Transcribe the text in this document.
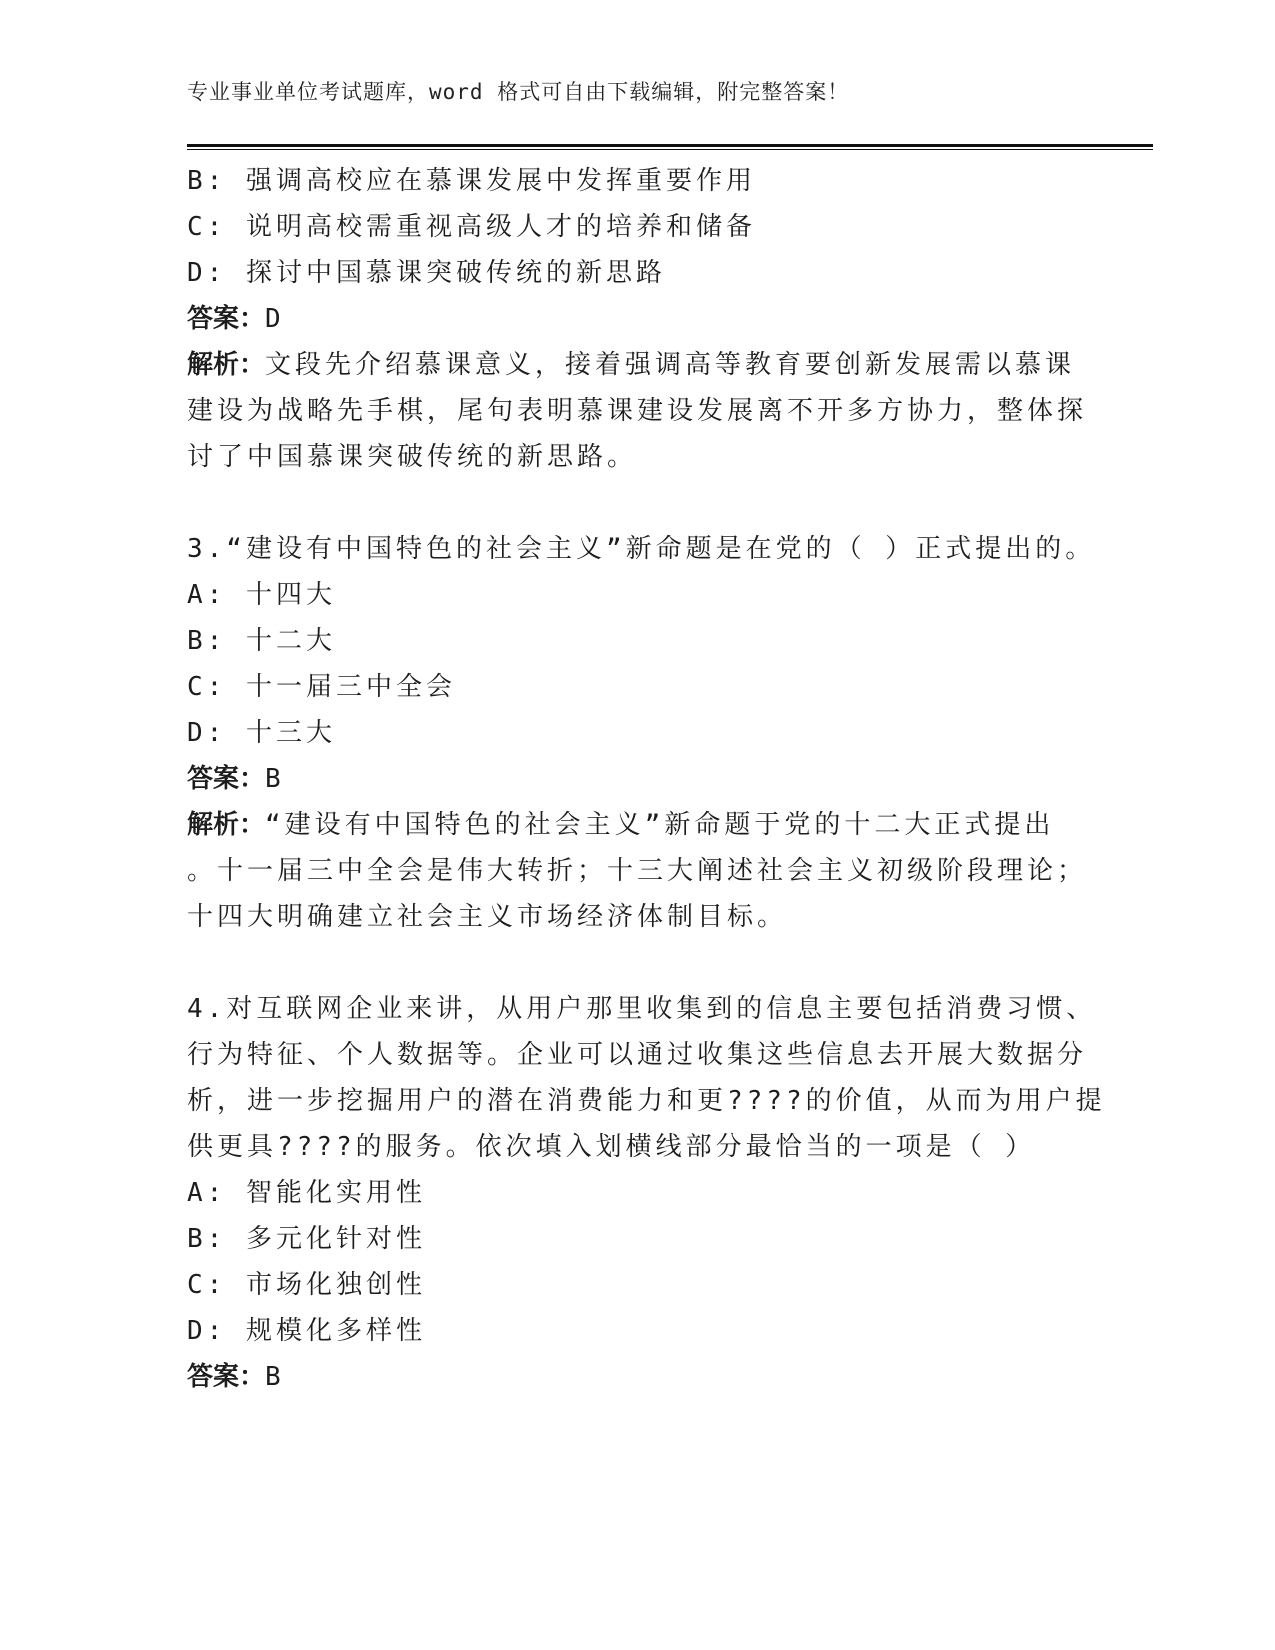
专业事业单位考试题库，word 格式可自由下载编辑，附完整答案！
B: 强调高校应在慕课发展中发挥重要作用
C: 说明高校需重视高级人才的培养和储备
D: 探讨中国慕课突破传统的新思路
答案：D
解析：文段先介绍慕课意义，接着强调高等教育要创新发展需以慕课
建设为战略先手棋，尾句表明慕课建设发展离不开多方协力，整体探
讨了中国慕课突破传统的新思路。
3.“建设有中国特色的社会主义”新命题是在党的（ ）正式提出的。
A: 十四大
B: 十二大
C: 十一届三中全会
D: 十三大
答案：B
解析：“建设有中国特色的社会主义”新命题于党的十二大正式提出
。十一届三中全会是伟大转折；十三大阐述社会主义初级阶段理论；
十四大明确建立社会主义市场经济体制目标。
4.对互联网企业来讲，从用户那里收集到的信息主要包括消费习惯、
行为特征、个人数据等。企业可以通过收集这些信息去开展大数据分
析，进一步挖掘用户的潜在消费能力和更????的价值，从而为用户提
供更具????的服务。依次填入划横线部分最恰当的一项是（ ）
A: 智能化实用性
B: 多元化针对性
C: 市场化独创性
D: 规模化多样性
答案：B
